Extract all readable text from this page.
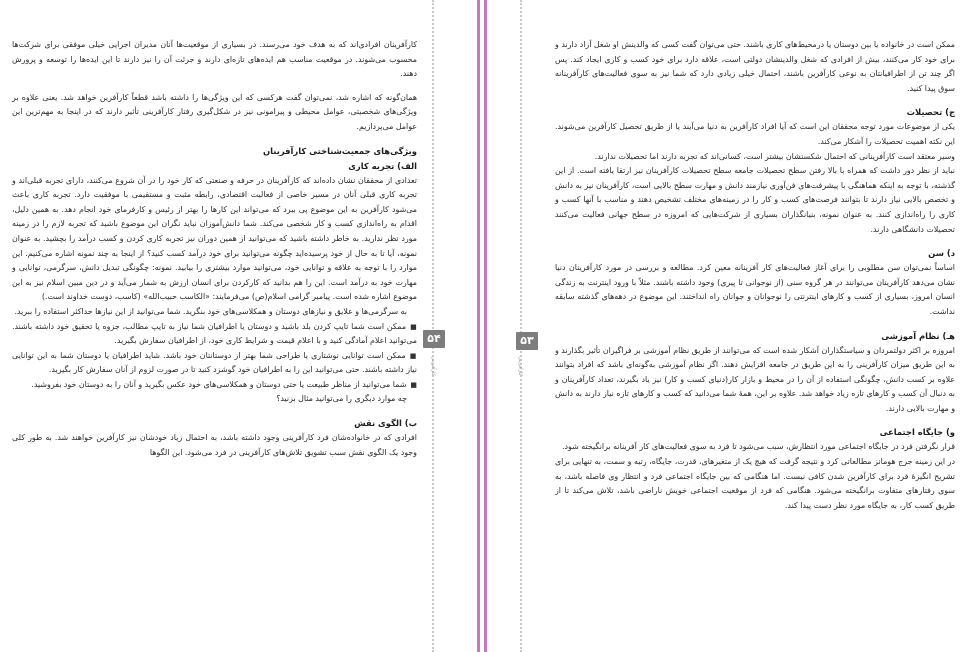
کارآفرینان افرادی‌اند که به هدف خود می‌رسند. در بسیاری از موقعیت‌ها آنان مدیران اجرایی خیلی موفقی برای شرکت‌ها محسوب می‌شوند. در موقعیت مناسب هم ایده‌های تازه‌ای دارند و جرئت آن را نیز دارند تا این ایده‌ها را توسعه و پرورش دهند.

همان‌گونه که اشاره شد، نمی‌توان گفت هرکسی که این ویژگی‌ها را داشته باشد قطعاً کارآفرین خواهد شد. یعنی علاوه بر ویژگی‌های شخصیتی، عوامل محیطی و پیرامونی نیز در شکل‌گیری رفتار کارآفرینی تأثیر دارند که در اینجا به مهم‌ترین این عوامل می‌پردازیم.

ویژگی‌های جمعیت‌شناختی کارآفرینان
الف) تجربه کاری

تعدادی از محققان نشان داده‌اند که کارآفرینان در حرفه و صنعتی که کار خود را در آن شروع می‌کنند، دارای تجربه قبلی‌اند و تجربه کاری قبلی آنان در مسیر خاصی از فعالیت اقتصادی، رابطه مثبت و مستقیمی با موفقیت دارد. تجربه کاری باعث می‌شود کارآفرین به این موضوع پی ببرد که می‌تواند این کارها را بهتر از رئیس و کارفرمای خود انجام دهد. به همین دلیل، اقدام به راه‌اندازی کسب و کار شخصی می‌کند. شما دانش‌آموزان نباید نگران این موضوع باشید که تجربه لازم را در زمینه مورد نظر ندارید. به خاطر داشته باشید که می‌توانید از همین دوران نیز تجربه کاری کردن و کسب درآمد را بچشید. به عنوان نمونه، آیا تا به حال از خود پرسیده‌اید چگونه می‌توانید برای خود درآمد کسب کنید؟ از اینجا به چند نمونه اشاره می‌کنیم. این موارد را با توجه به علاقه و توانایی خود، می‌توانید موارد بیشتری را بیابید. نمونه: چگونگی تبدیل دانش، سرگرمی، توانایی و مهارت خود به درآمد است. این را هم بدانید که کارکردن برای انسان ارزش به شمار می‌آید و در دین مبین اسلام نیز به این موضوع اشاره شده است. پیامبر گرامی اسلام(ص) می‌فرمایند: «الکاسب حبیب‌الله» (کاسب، دوست خداوند است.)

به سرگرمی‌ها و علایق و نیازهای دوستان و همکلاسی‌های خود بنگرید. شما می‌توانید از این نیازها حداکثر استفاده را ببرید.

■ ممکن است شما تایپ کردن بلد باشید و دوستان یا اطرافیان شما نیاز به تایپ مطالب، جزوه یا تحقیق خود داشته باشند. می‌توانید اعلام آمادگی کنید و با اعلام قیمت و شرایط کاری خود، از اطرافیان سفارش بگیرید.

■ ممکن است توانایی نوشتاری یا طراحی شما بهتر از دوستانتان خود باشد. شاید اطرافیان یا دوستان شما به این توانایی نیاز داشته باشند. حتی می‌توانید این را به اطرافیان خود گوشزد کنید تا در صورت لزوم از آنان سفارش کار بگیرید.

■ شما می‌توانید از مناظر طبیعت یا حتی دوستان و همکلاسی‌های خود عکس بگیرید و آنان را به دوستان خود بفروشید.

چه موارد دیگری را می‌توانید مثال بزنید؟

ب) الگوی نقش

افرادی که در خانواده‌شان فرد کارآفرینی وجود داشته باشد، به احتمال زیاد خودشان نیز کارآفرین خواهند شد. به طور کلی وجود یک الگوی نقش سبب تشویق تلاش‌های کارآفرینی در فرد می‌شود. این الگوها

۵۴
کارآفرینی
۵۳
کارآفرینی

ممکن است در خانواده یا بین دوستان یا درمحیط‌های کاری باشند. حتی می‌توان گفت کسی که والدینش او شغل آزاد دارند و برای خود کار می‌کنند، بیش از افرادی که شغل والدینشان دولتی است، علاقه دارد برای خود کسب و کاری ایجاد کند. پس اگر چند تن از اطرافیانتان به نوعی کارآفرین باشند، احتمال خیلی زیادی دارد که شما نیز به سوی فعالیت‌های کارآفرینانه سوق پیدا کنید.

ج) تحصیلات

یکی از موضوعات مورد توجه محققان این است که آیا افراد کارآفرین به دنیا می‌آیند یا از طریق تحصیل کارآفرین می‌شوند. این نکته اهمیت تحصیلات را آشکار می‌کند.

وسیر معتقد است کارآفرینانی که احتمال شکستشان بیشتر است، کسانی‌اند که تجربه دارند اما تحصیلات ندارند.

نباید از نظر دور داشت که همراه با بالا رفتن سطح تحصیلات جامعه سطح تحصیلات کارآفرینان نیز ارتقا یافته است. از این گذشته، با توجه به اینکه هماهنگی با پیشرفت‌های فن‌آوری نیازمند دانش و مهارت سطح بالایی است، کارآفرینان نیز به دانش و تخصص بالایی نیاز دارند تا بتوانند فرصت‌های کسب و کار را در زمینه‌های مختلف تشخیص دهند و مناسب با آنها کسب و کاری را راه‌اندازی کنند. به عنوان نمونه، بنیانگذاران بسیاری از شرکت‌هایی که امروزه در سطح جهانی فعالیت می‌کنند تحصیلات دانشگاهی دارند.

د) سن

اساساً نمی‌توان سن مطلوبی را برای آغاز فعالیت‌های کار آفرینانه معین کرد. مطالعه و بررسی در مورد کارآفرینان دنیا نشان می‌دهد کارآفرینان می‌توانند در هر گروه سنی (از نوجوانی تا پیری) وجود داشته باشند. مثلاً با ورود اینترنت به زندگی انسان امروز، بسیاری از کسب و کارهای اینترنتی را نوجوانان و جوانان راه انداختند. این موضوع در دهه‌های گذشته سابقه نداشت.

هـ) نظام آموزشی

امروزه بر اکثر دولتمردان و سیاستگذاران آشکار شده است که می‌توانند از طریق نظام آموزشی بر فراگیران تأثیر بگذارند و به این طریق میزان کارآفرینی را به این طریق در جامعه افزایش دهند. اگر نظام آموزشی به‌گونه‌ای باشد که افراد بتوانند علاوه بر کسب دانش، چگونگی استفاده از آن را در محیط و بازار کار(دنیای کسب و کار) نیز یاد بگیرند، تعداد کارآفرینان و به دنبال آن کسب و کارهای تازه زیاد خواهد شد. علاوه بر این، همهٔ شما می‌دانید که کسب و کارهای تازه نیاز دارند به دانش و مهارت بالایی دارند.

و) جایگاه اجتماعی

قرار نگرفتن فرد در جایگاه اجتماعی مورد انتظارش، سبب می‌شود تا فرد به سوی فعالیت‌های کار آفرینانه برانگیخته شود.

در این زمینه جرج هومانز مطالعاتی کرد و نتیجه گرفت که هیچ یک از متغیرهای، قدرت، جایگاه، رتبه و سمت، به تنهایی برای تشریح انگیزهٔ فرد برای کارآفرین شدن کافی نیست. اما هنگامی که بین جایگاه اجتماعی فرد و انتظار وی فاصله باشد، به سوی رفتارهای متفاوت برانگیخته می‌شود. هنگامی که فرد از موقعیت اجتماعی خویش ناراضی باشد، تلاش می‌کند تا از طریق کسب کار، به جایگاه مورد نظر دست پیدا کند.
